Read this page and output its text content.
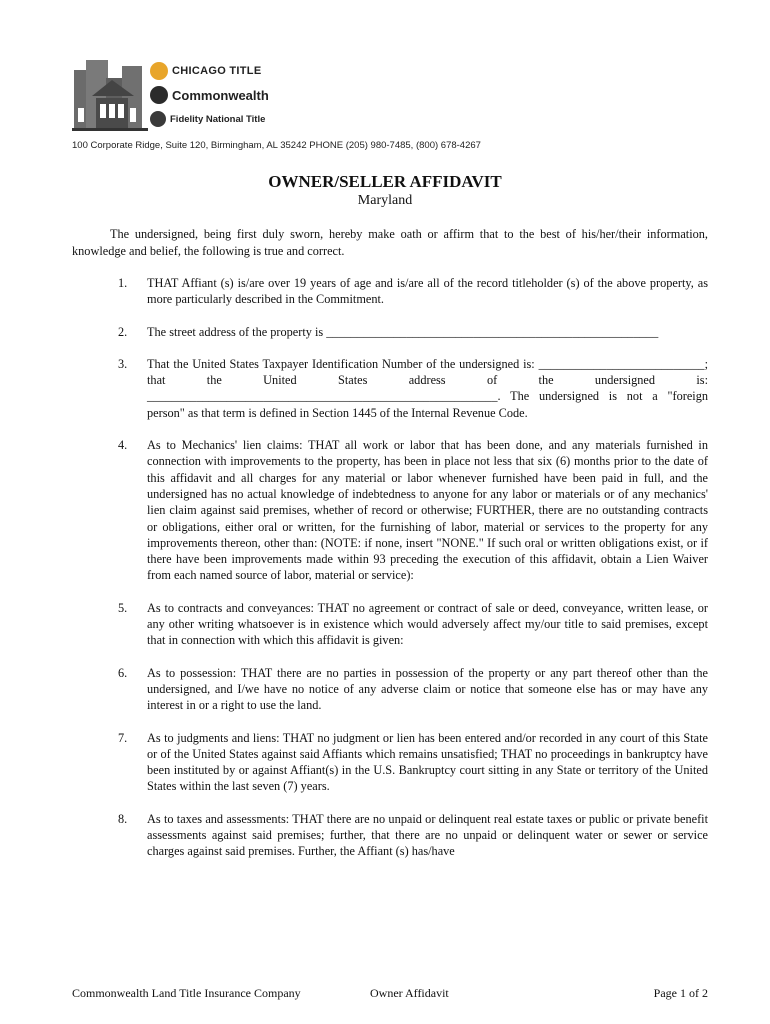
CHICAGO TITLE
Commonwealth
Fidelity National Title
100 Corporate Ridge, Suite 120, Birmingham, AL 35242 PHONE (205) 980-7485, (800) 678-4267
OWNER/SELLER AFFIDAVIT
Maryland

The undersigned, being first duly sworn, hereby make oath or affirm that to the best of his/her/their information, knowledge and belief, the following is true and correct.

1.	THAT Affiant (s) is/are over 19 years of age and is/are all of the record titleholder (s) of the above property, as more particularly described in the Commitment.
2.	The street address of the property is ______________________________________________________
3.	That the United States Taxpayer Identification Number of the undersigned is: ___________________________; that the United States address of the undersigned is: _________________________________________________________. The undersigned is not a "foreign person" as that term is defined in Section 1445 of the Internal Revenue Code.
4.	As to Mechanics' lien claims: THAT all work or labor that has been done, and any materials furnished in connection with improvements to the property, has been in place not less that six (6) months prior to the date of this affidavit and all charges for any material or labor whenever furnished have been paid in full, and the undersigned has no actual knowledge of indebtedness to anyone for any labor or materials or of any mechanics' lien claim against said premises, whether of record or otherwise; FURTHER, there are no outstanding contracts or obligations, either oral or written, for the furnishing of labor, material or services to the property for any improvements thereon, other than: (NOTE: if none, insert "NONE." If such oral or written obligations exist, or if there have been improvements made within 93 preceding the execution of this affidavit, obtain a Lien Waiver from each named source of labor, material or service):
5.	As to contracts and conveyances: THAT no agreement or contract of sale or deed, conveyance, written lease, or any other writing whatsoever is in existence which would adversely affect my/our title to said premises, except that in connection with which this affidavit is given:
6.	As to possession: THAT there are no parties in possession of the property or any part thereof other than the undersigned, and I/we have no notice of any adverse claim or notice that someone else has or may have any interest in or a right to use the land.
7.	As to judgments and liens: THAT no judgment or lien has been entered and/or recorded in any court of this State or of the United States against said Affiants which remains unsatisfied; THAT no proceedings in bankruptcy have been instituted by or against Affiant(s) in the U.S. Bankruptcy court sitting in any State or territory of the United States within the last seven (7) years.
8.	As to taxes and assessments: THAT there are no unpaid or delinquent real estate taxes or public or private benefit assessments against said premises; further, that there are no unpaid or delinquent water or sewer or service charges against said premises. Further, the Affiant (s) has/have
Commonwealth Land Title Insurance Company	Owner Affidavit	Page 1 of 2
